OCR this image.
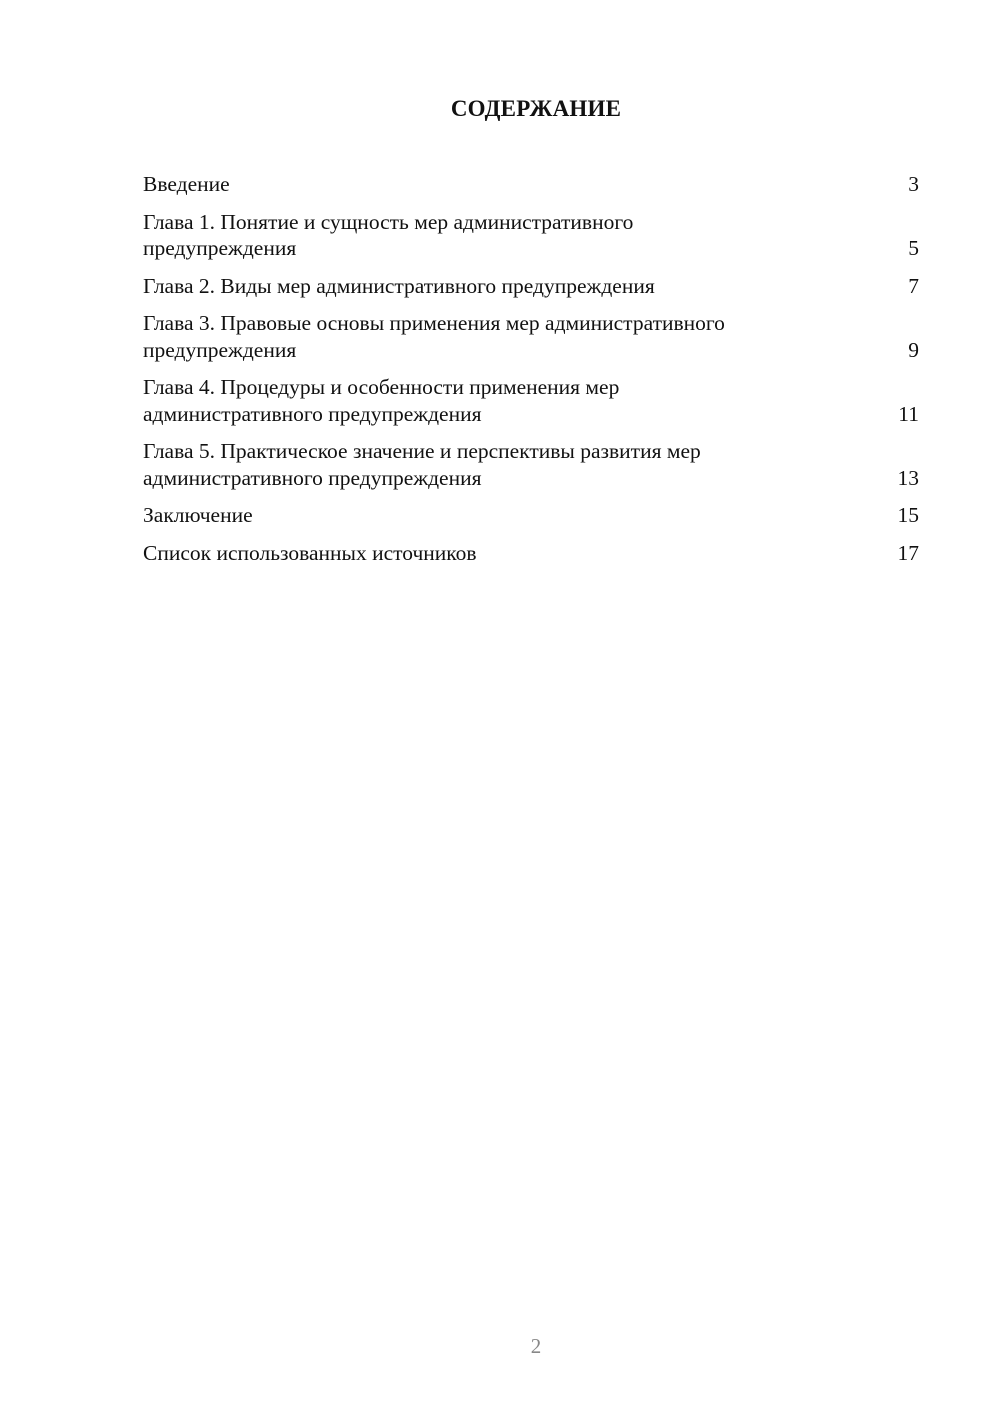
СОДЕРЖАНИЕ
Введение	3
Глава 1. Понятие и сущность мер административного
предупреждения	5
Глава 2. Виды мер административного предупреждения	7
Глава 3. Правовые основы применения мер административного
предупреждения	9
Глава 4. Процедуры и особенности применения мер
административного предупреждения	11
Глава 5. Практическое значение и перспективы развития мер
административного предупреждения	13
Заключение	15
Список использованных источников	17
2
